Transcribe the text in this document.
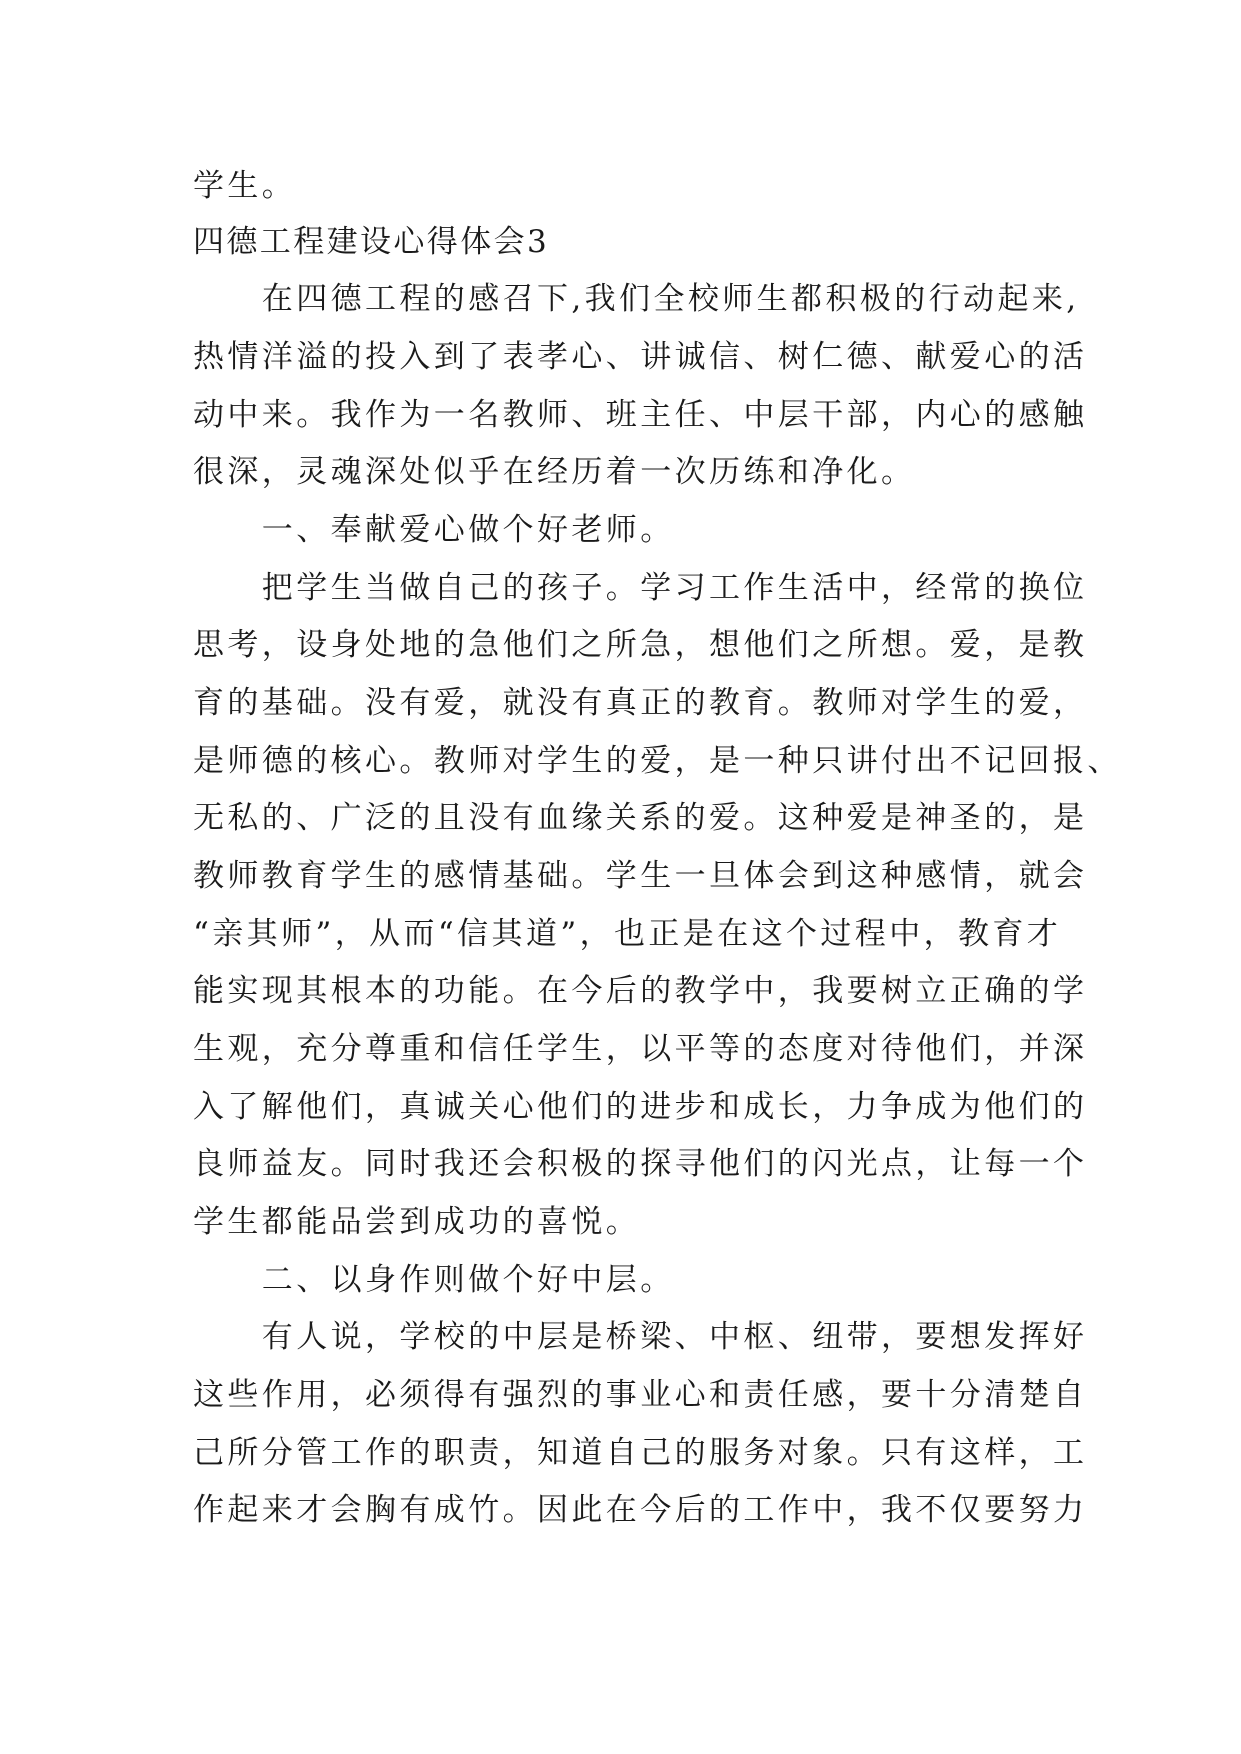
学生。
四德工程建设心得体会3
　　在四德工程的感召下,我们全校师生都积极的行动起来,
热情洋溢的投入到了表孝心、讲诚信、树仁德、献爱心的活
动中来。我作为一名教师、班主任、中层干部，内心的感触
很深，灵魂深处似乎在经历着一次历练和净化。
　　一、奉献爱心做个好老师。
　　把学生当做自己的孩子。学习工作生活中，经常的换位
思考，设身处地的急他们之所急，想他们之所想。爱，是教
育的基础。没有爱，就没有真正的教育。教师对学生的爱，
是师德的核心。教师对学生的爱，是一种只讲付出不记回报、
无私的、广泛的且没有血缘关系的爱。这种爱是神圣的，是
教师教育学生的感情基础。学生一旦体会到这种感情，就会
“亲其师”，从而“信其道”，也正是在这个过程中，教育才
能实现其根本的功能。在今后的教学中，我要树立正确的学
生观，充分尊重和信任学生，以平等的态度对待他们，并深
入了解他们，真诚关心他们的进步和成长，力争成为他们的
良师益友。同时我还会积极的探寻他们的闪光点，让每一个
学生都能品尝到成功的喜悦。
　　二、以身作则做个好中层。
　　有人说，学校的中层是桥梁、中枢、纽带，要想发挥好
这些作用，必须得有强烈的事业心和责任感，要十分清楚自
己所分管工作的职责，知道自己的服务对象。只有这样，工
作起来才会胸有成竹。因此在今后的工作中，我不仅要努力
